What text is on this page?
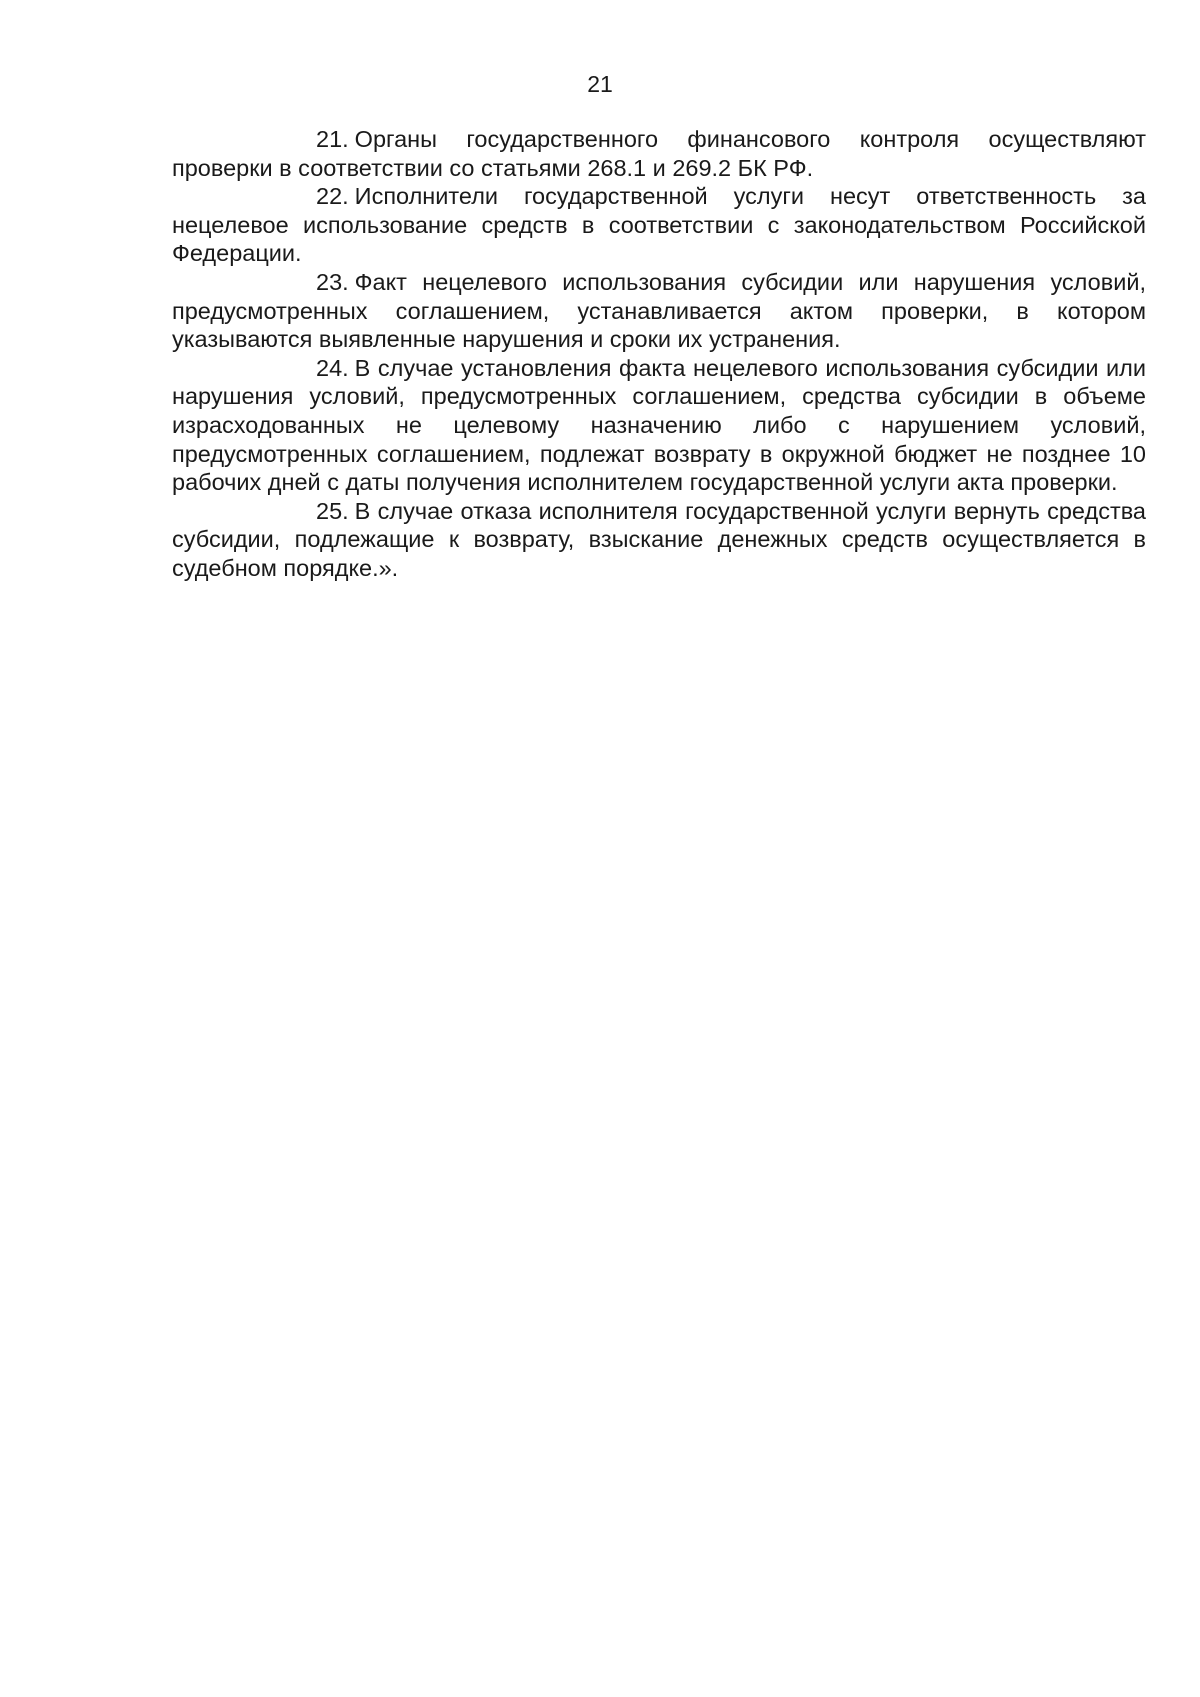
21

21. Органы государственного финансового контроля осуществляют проверки в соответствии со статьями 268.1 и 269.2 БК РФ.

22. Исполнители государственной услуги несут ответственность за нецелевое использование средств в соответствии с законодательством Российской Федерации.

23. Факт нецелевого использования субсидии или нарушения условий, предусмотренных соглашением, устанавливается актом проверки, в котором указываются выявленные нарушения и сроки их устранения.

24. В случае установления факта нецелевого использования субсидии или нарушения условий, предусмотренных соглашением, средства субсидии в объеме израсходованных не целевому назначению либо с нарушением условий, предусмотренных соглашением, подлежат возврату в окружной бюджет не позднее 10 рабочих дней с даты получения исполнителем государственной услуги акта проверки.

25. В случае отказа исполнителя государственной услуги вернуть средства субсидии, подлежащие к возврату, взыскание денежных средств осуществляется в судебном порядке.».
